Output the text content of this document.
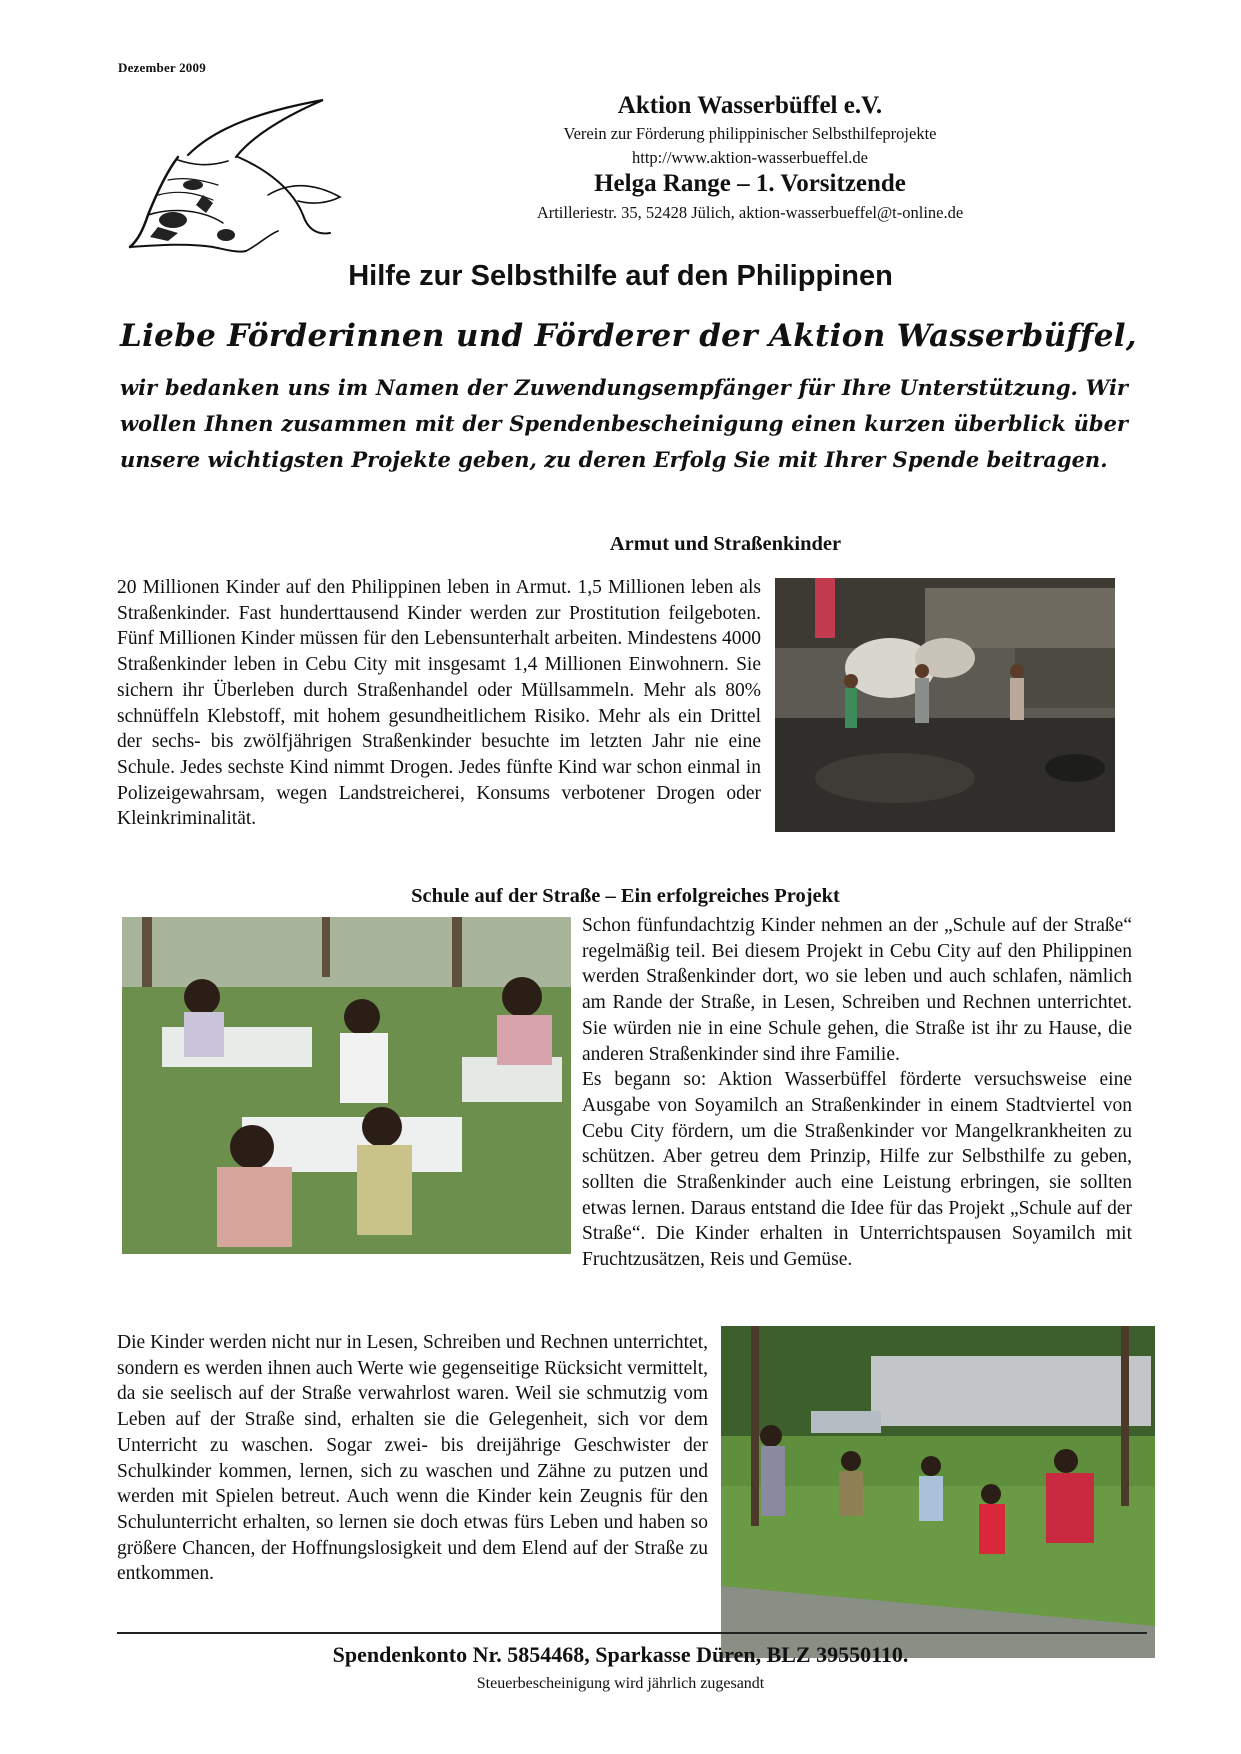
Dezember 2009
Aktion Wasserbüffel e.V.
Verein zur Förderung philippinischer Selbsthilfeprojekte
http://www.aktion-wasserbueffel.de
Helga Range – 1. Vorsitzende
Artilleriestr. 35, 52428 Jülich, aktion-wasserbueffel@t-online.de
Hilfe zur Selbsthilfe auf den Philippinen
Liebe Förderinnen und Förderer der Aktion Wasserbüffel,
wir bedanken uns im Namen der Zuwendungsempfänger für Ihre Unterstützung. Wir wollen Ihnen zusammen mit der Spendenbescheinigung einen kurzen überblick über unsere wichtigsten Projekte geben, zu deren Erfolg Sie mit Ihrer Spende beitragen.
Armut und Straßenkinder
20 Millionen Kinder auf den Philippinen leben in Armut. 1,5 Millionen leben als Straßenkinder. Fast hunderttausend Kinder werden zur Prostitution feilgeboten. Fünf Millionen Kinder müssen für den Lebensunterhalt arbeiten. Mindestens 4000 Straßenkinder leben in Cebu City mit insgesamt 1,4 Millionen Einwohnern. Sie sichern ihr Überleben durch Straßenhandel oder Müllsammeln. Mehr als 80% schnüffeln Klebstoff, mit hohem gesundheitlichem Risiko. Mehr als ein Drittel der sechs- bis zwölfjährigen Straßenkinder besuchte im letzten Jahr nie eine Schule. Jedes sechste Kind nimmt Drogen. Jedes fünfte Kind war schon einmal in Polizeigewahrsam, wegen Landstreicherei, Konsums verbotener Drogen oder Kleinkriminalität.
Schule auf der Straße – Ein erfolgreiches Projekt
Schon fünfundachtzig Kinder nehmen an der „Schule auf der Straße“ regelmäßig teil. Bei diesem Projekt in Cebu City auf den Philippinen werden Straßenkinder dort, wo sie leben und auch schlafen, nämlich am Rande der Straße, in Lesen, Schreiben und Rechnen unterrichtet. Sie würden nie in eine Schule gehen, die Straße ist ihr zu Hause, die anderen Straßenkinder sind ihre Familie.
Es begann so: Aktion Wasserbüffel förderte versuchsweise eine Ausgabe von Soyamilch an Straßenkinder in einem Stadtviertel von Cebu City fördern, um die Straßenkinder vor Mangelkrankheiten zu schützen. Aber getreu dem Prinzip, Hilfe zur Selbsthilfe zu geben, sollten die Straßenkinder auch eine Leistung erbringen, sie sollten etwas lernen. Daraus entstand die Idee für das Projekt „Schule auf der Straße“. Die Kinder erhalten in Unterrichtspausen Soyamilch mit Fruchtzusätzen, Reis und Gemüse.
Die Kinder werden nicht nur in Lesen, Schreiben und Rechnen unterrichtet, sondern es werden ihnen auch Werte wie gegenseitige Rücksicht vermittelt, da sie seelisch auf der Straße verwahrlost waren. Weil sie schmutzig vom Leben auf der Straße sind, erhalten sie die Gelegenheit, sich vor dem Unterricht zu waschen. Sogar zwei- bis dreijährige Geschwister der Schulkinder kommen, lernen, sich zu waschen und Zähne zu putzen und werden mit Spielen betreut. Auch wenn die Kinder kein Zeugnis für den Schulunterricht erhalten, so lernen sie doch etwas fürs Leben und haben so größere Chancen, der Hoffnungslosigkeit und dem Elend auf der Straße zu entkommen.
Spendenkonto Nr. 5854468, Sparkasse Düren, BLZ 39550110.
Steuerbescheinigung wird jährlich zugesandt
